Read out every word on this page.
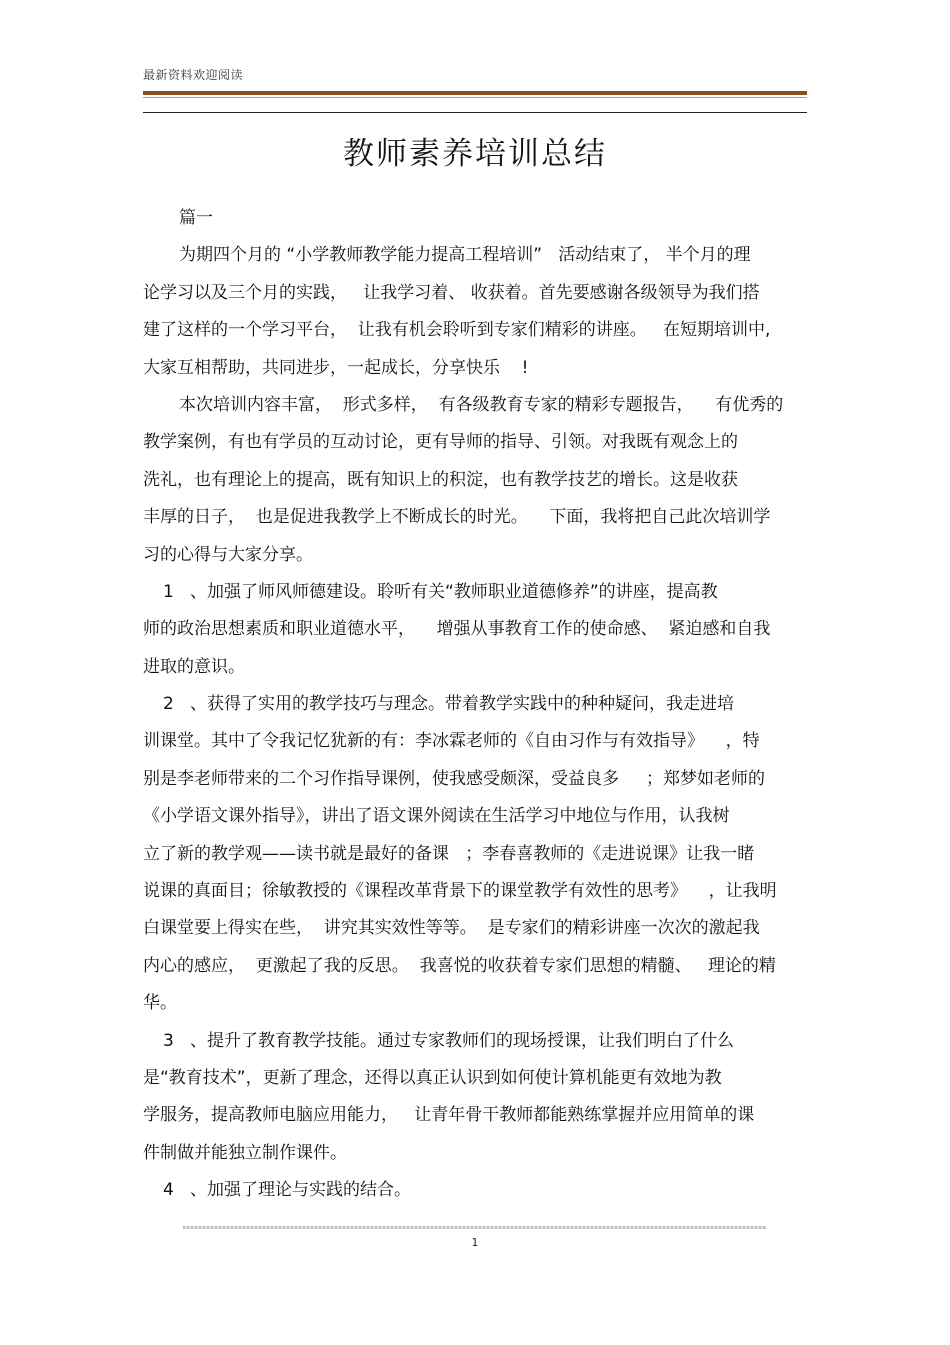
最新资料欢迎阅读
教师素养培训总结
篇一
为期四个月的 “小学教师教学能力提高工程培训”   活动结束了， 半个月的理
论学习以及三个月的实践，   让我学习着、 收获着。首先要感谢各级领导为我们搭
建了这样的一个学习平台，  让我有机会聆听到专家们精彩的讲座。   在短期培训中,
大家互相帮助，共同进步，一起成长，分享快乐    !
本次培训内容丰富，  形式多样，  有各级教育专家的精彩专题报告，    有优秀的
教学案例，有也有学员的互动讨论，更有导师的指导、引领。对我既有观念上的
洗礼，也有理论上的提高，既有知识上的积淀，也有教学技艺的增长。这是收获
丰厚的日子，  也是促进我教学上不断成长的时光。    下面，我将把自己此次培训学
习的心得与大家分享。
1   、加强了师风师德建设。聆听有关“教师职业道德修养”的讲座，提高教
师的政治思想素质和职业道德水平，    增强从事教育工作的使命感、  紧迫感和自我
进取的意识。
2   、获得了实用的教学技巧与理念。带着教学实践中的种种疑问，我走进培
训课堂。其中了令我记忆犹新的有：李冰霖老师的《自由习作与有效指导》    ，特
别是李老师带来的二个习作指导课例，使我感受颇深，受益良多     ；郑梦如老师的
《小学语文课外指导》，讲出了语文课外阅读在生活学习中地位与作用，认我树
立了新的教学观——读书就是最好的备课   ；李春喜教师的《走进说课》让我一睹
说课的真面目；徐敏教授的《课程改革背景下的课堂教学有效性的思考》    ，让我明
白课堂要上得实在些，  讲究其实效性等等。  是专家们的精彩讲座一次次的激起我
内心的感应，  更激起了我的反思。  我喜悦的收获着专家们思想的精髓、   理论的精
华。
3   、提升了教育教学技能。通过专家教师们的现场授课，让我们明白了什么
是“教育技术”，更新了理念，还得以真正认识到如何使计算机能更有效地为教
学服务，提高教师电脑应用能力，   让青年骨干教师都能熟练掌握并应用简单的课
件制做并能独立制作课件。
4   、加强了理论与实践的结合。
1
